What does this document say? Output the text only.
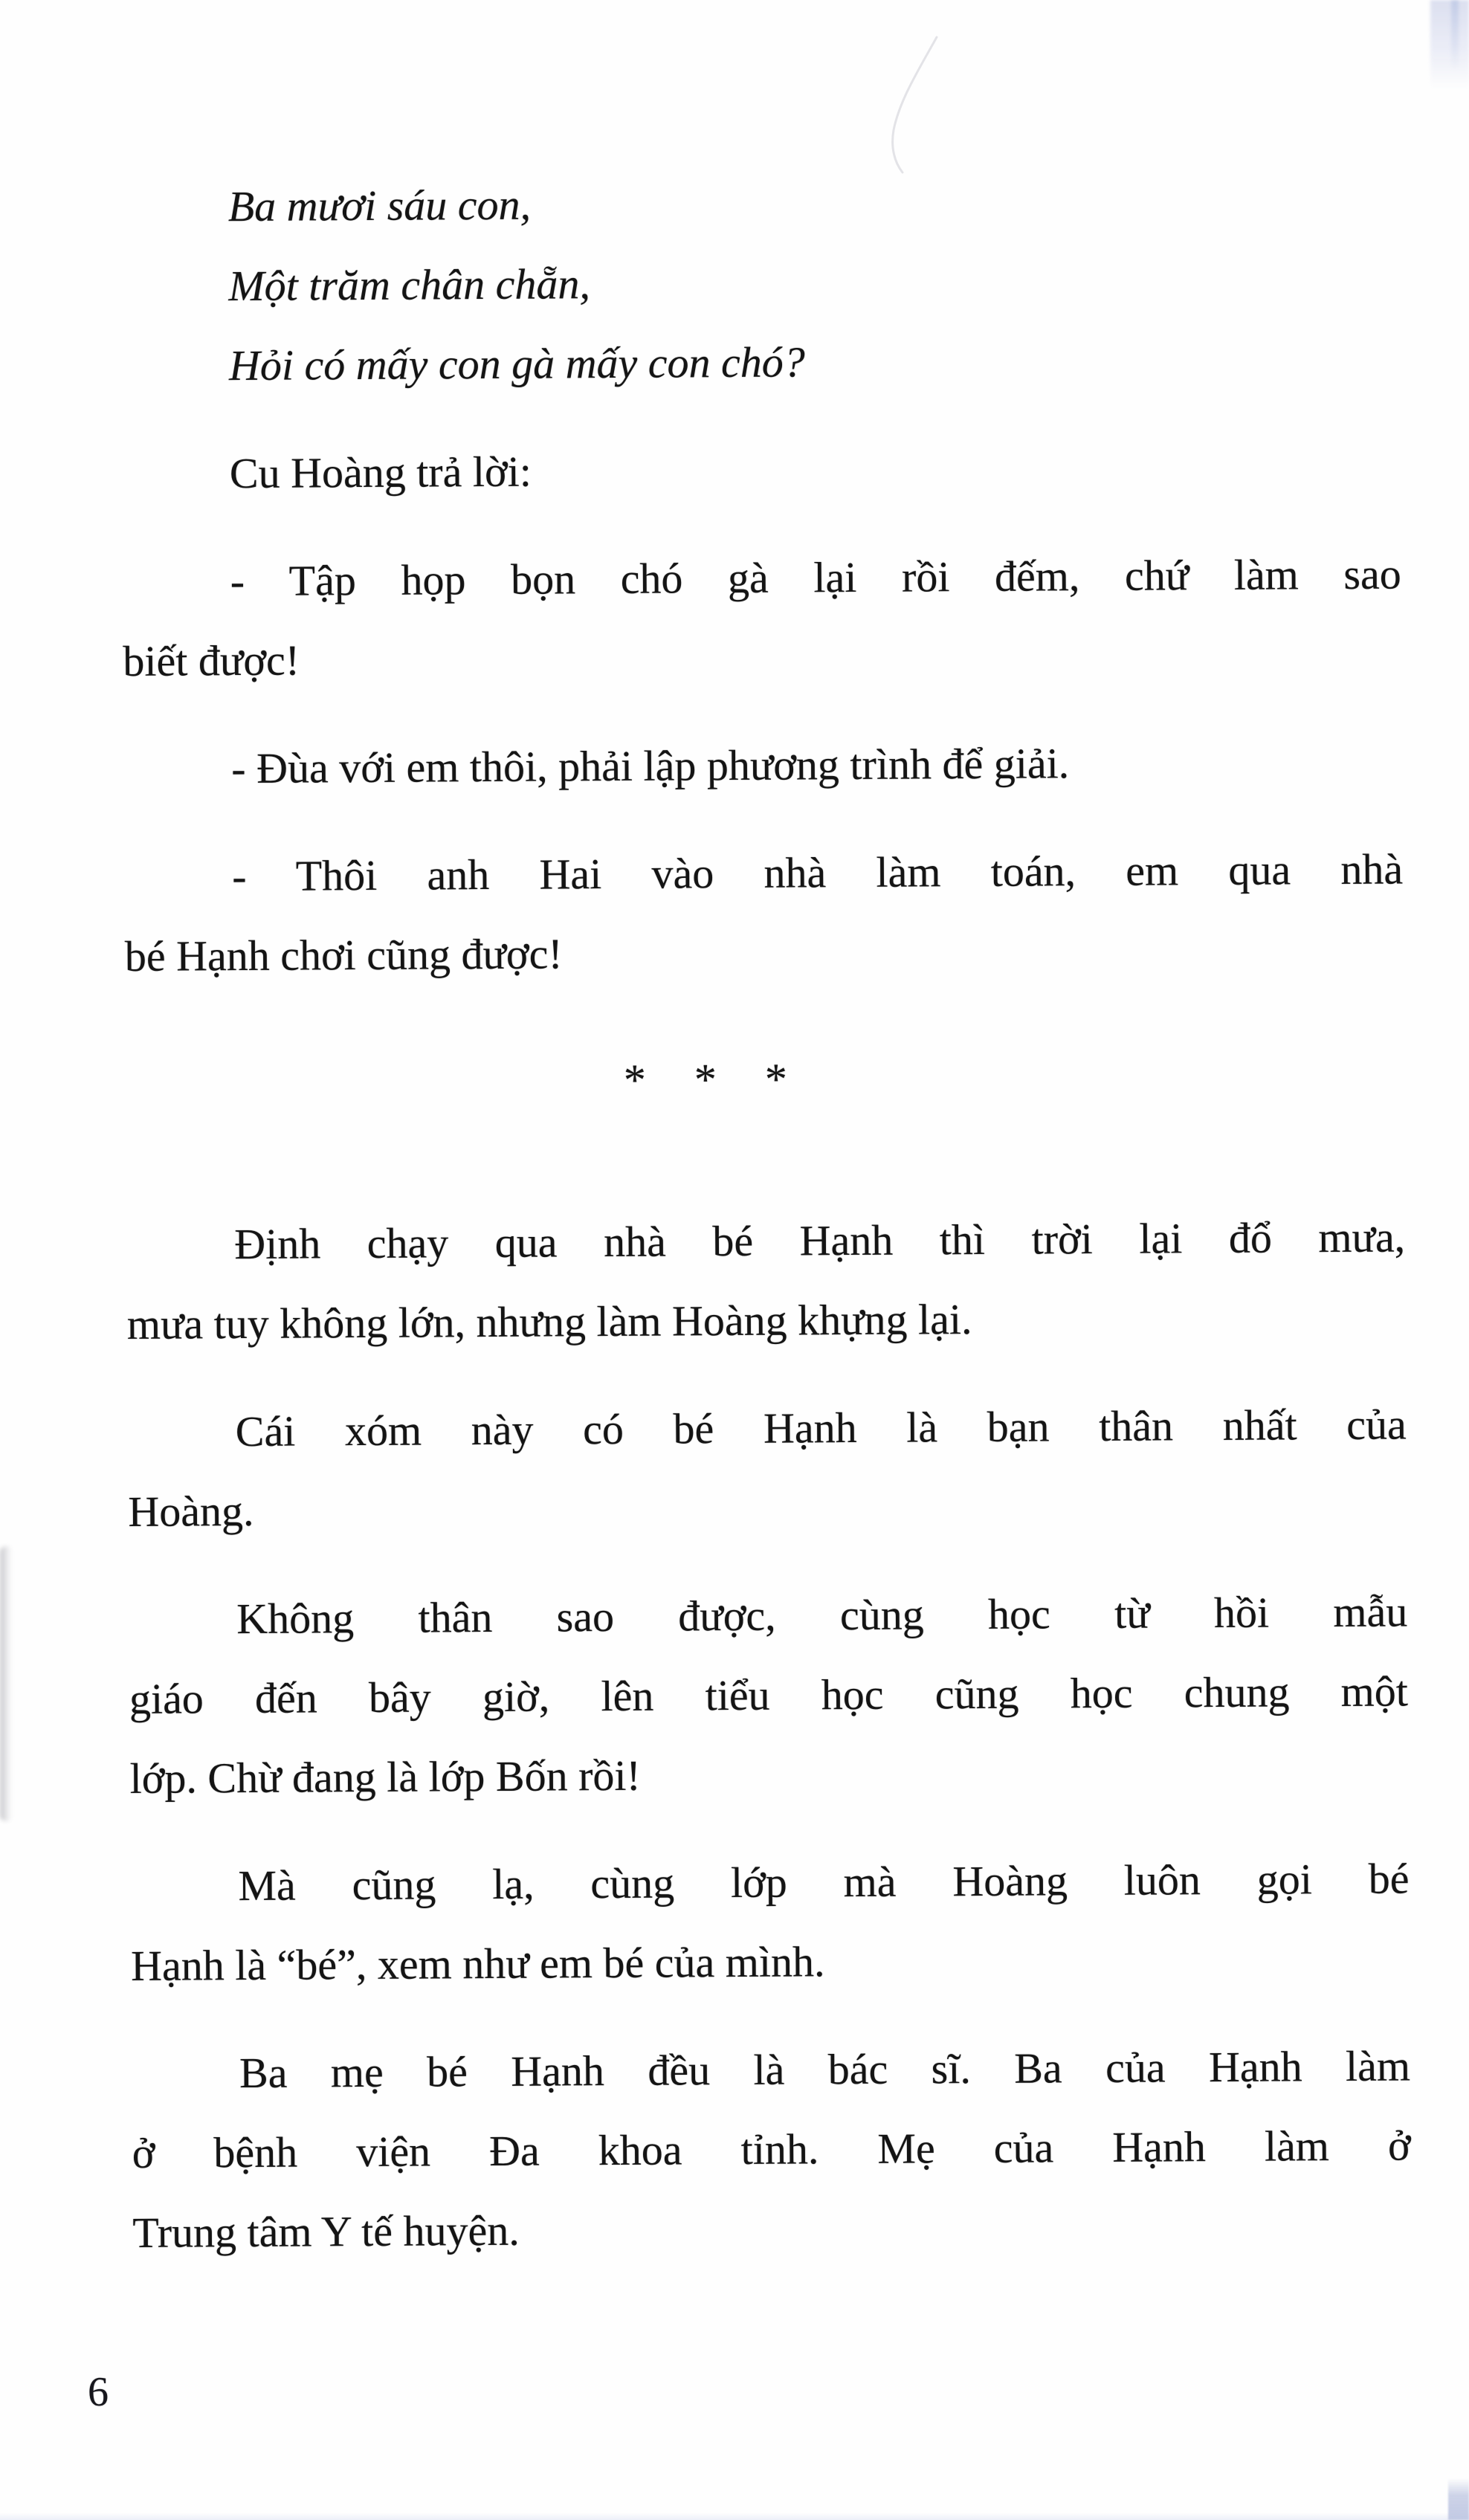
Ba mươi sáu con,
Một trăm chân chẵn,
Hỏi có mấy con gà mấy con chó?
Cu Hoàng trả lời:
- Tập họp bọn chó gà lại rồi đếm, chứ làm sao
biết được!
- Đùa với em thôi, phải lập phương trình để giải.
- Thôi anh Hai vào nhà làm toán, em qua nhà
bé Hạnh chơi cũng được!
* * *
Định chạy qua nhà bé Hạnh thì trời lại đổ mưa,
mưa tuy không lớn, nhưng làm Hoàng khựng lại.
Cái xóm này có bé Hạnh là bạn thân nhất của
Hoàng.
Không thân sao được, cùng học từ hồi mẫu
giáo đến bây giờ, lên tiểu học cũng học chung một
lớp. Chừ đang là lớp Bốn rồi!
Mà cũng lạ, cùng lớp mà Hoàng luôn gọi bé
Hạnh là “bé”, xem như em bé của mình.
Ba mẹ bé Hạnh đều là bác sĩ. Ba của Hạnh làm
ở bệnh viện Đa khoa tỉnh. Mẹ của Hạnh làm ở
Trung tâm Y tế huyện.
6
